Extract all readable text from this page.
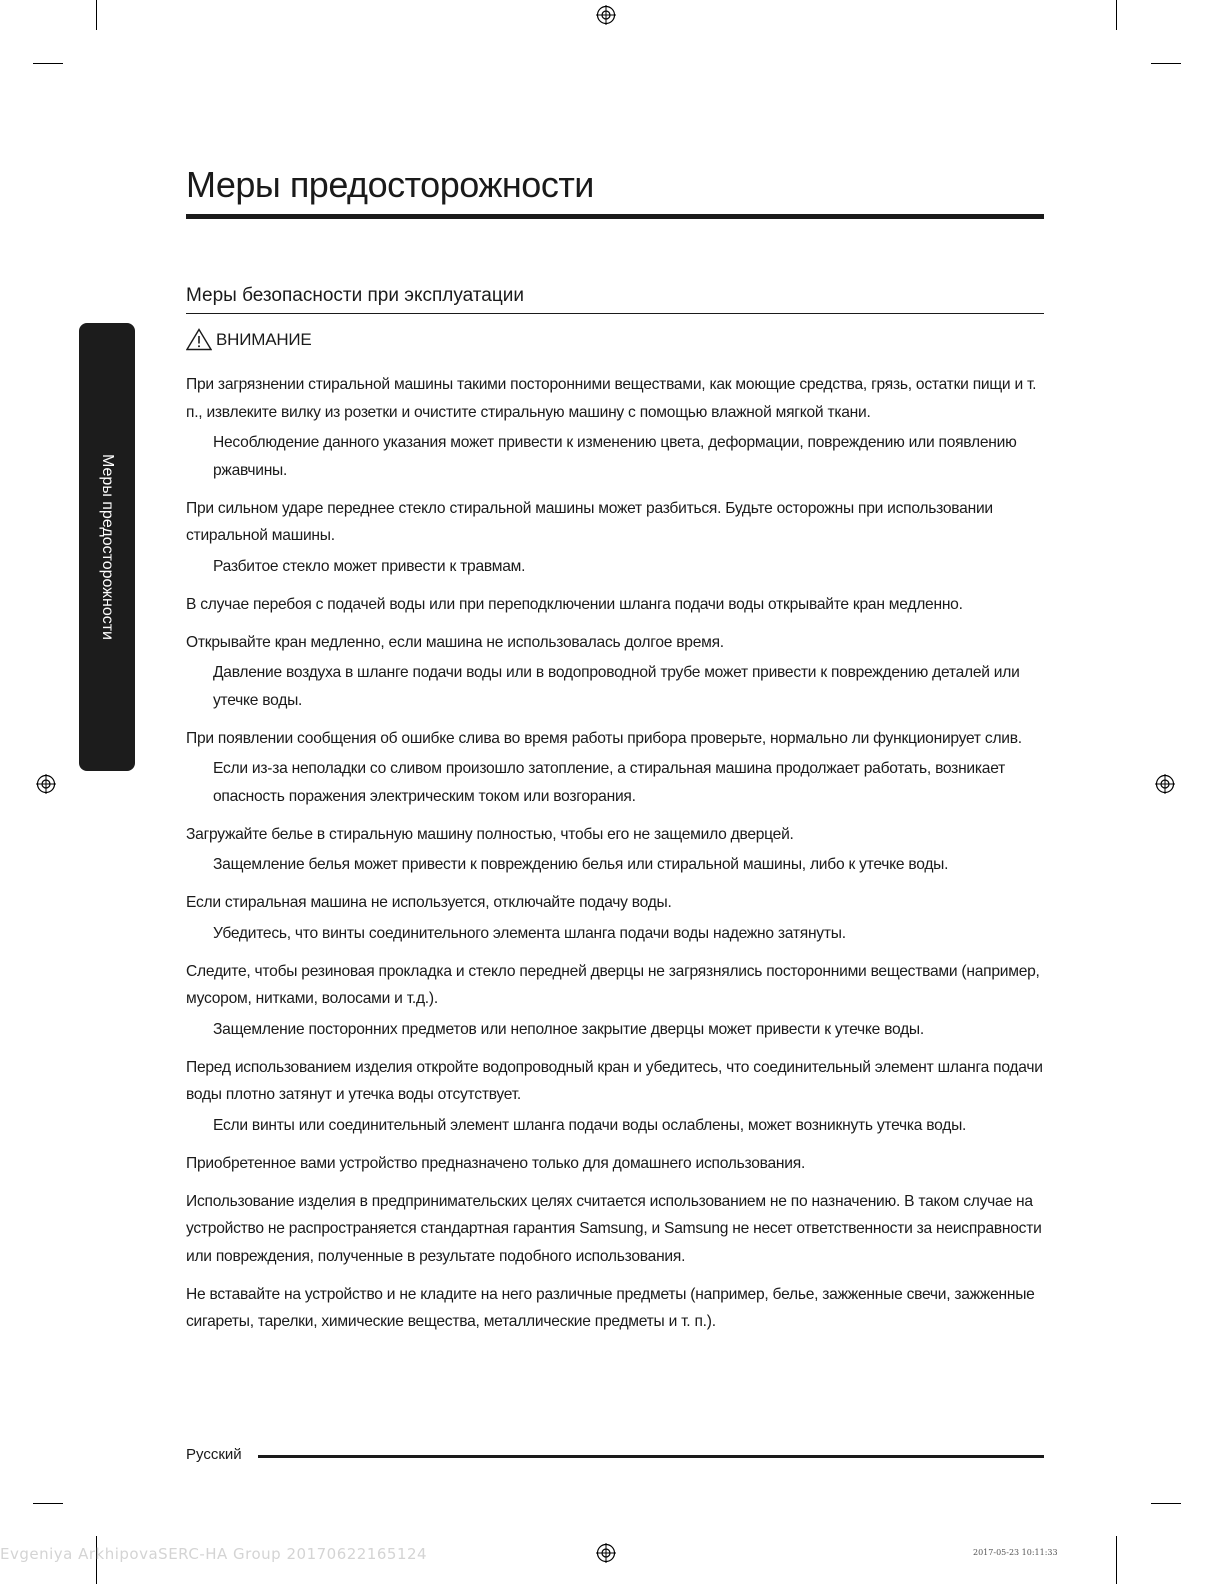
Меры предосторожности
Меры предосторожности
Меры безопасности при эксплуатации
ВНИМАНИЕ

При загрязнении стиральной машины такими посторонними веществами, как моющие средства, грязь, остатки пищи и т. п., извлеките вилку из розетки и очистите стиральную машину с помощью влажной мягкой ткани.

Несоблюдение данного указания может привести к изменению цвета, деформации, повреждению или появлению ржавчины.

При сильном ударе переднее стекло стиральной машины может разбиться. Будьте осторожны при использовании стиральной машины.

Разбитое стекло может привести к травмам.

В случае перебоя с подачей воды или при переподключении шланга подачи воды открывайте кран медленно.

Открывайте кран медленно, если машина не использовалась долгое время.

Давление воздуха в шланге подачи воды или в водопроводной трубе может привести к повреждению деталей или утечке воды.

При появлении сообщения об ошибке слива во время работы прибора проверьте, нормально ли функционирует слив.

Если из-за неполадки со сливом произошло затопление, а стиральная машина продолжает работать, возникает опасность поражения электрическим током или возгорания.

Загружайте белье в стиральную машину полностью, чтобы его не защемило дверцей.

Защемление белья может привести к повреждению белья или стиральной машины, либо к утечке воды.

Если стиральная машина не используется, отключайте подачу воды.

Убедитесь, что винты соединительного элемента шланга подачи воды надежно затянуты.

Следите, чтобы резиновая прокладка и стекло передней дверцы не загрязнялись посторонними веществами (например, мусором, нитками, волосами и т.д.).

Защемление посторонних предметов или неполное закрытие дверцы может привести к утечке воды.

Перед использованием изделия откройте водопроводный кран и убедитесь, что соединительный элемент шланга подачи воды плотно затянут и утечка воды отсутствует.

Если винты или соединительный элемент шланга подачи воды ослаблены, может возникнуть утечка воды.

Приобретенное вами устройство предназначено только для домашнего использования.

Использование изделия в предпринимательских целях считается использованием не по назначению. В таком случае на устройство не распространяется стандартная гарантия Samsung, и Samsung не несет ответственности за неисправности или повреждения, полученные в результате подобного использования.

Не вставайте на устройство и не кладите на него различные предметы (например, белье, зажженные свечи, зажженные сигареты, тарелки, химические вещества, металлические предметы и т. п.).

Русский
Evgeniya ArkhipovaSERC-HA Group 20170622165124	2017-05-23 10:11:33
